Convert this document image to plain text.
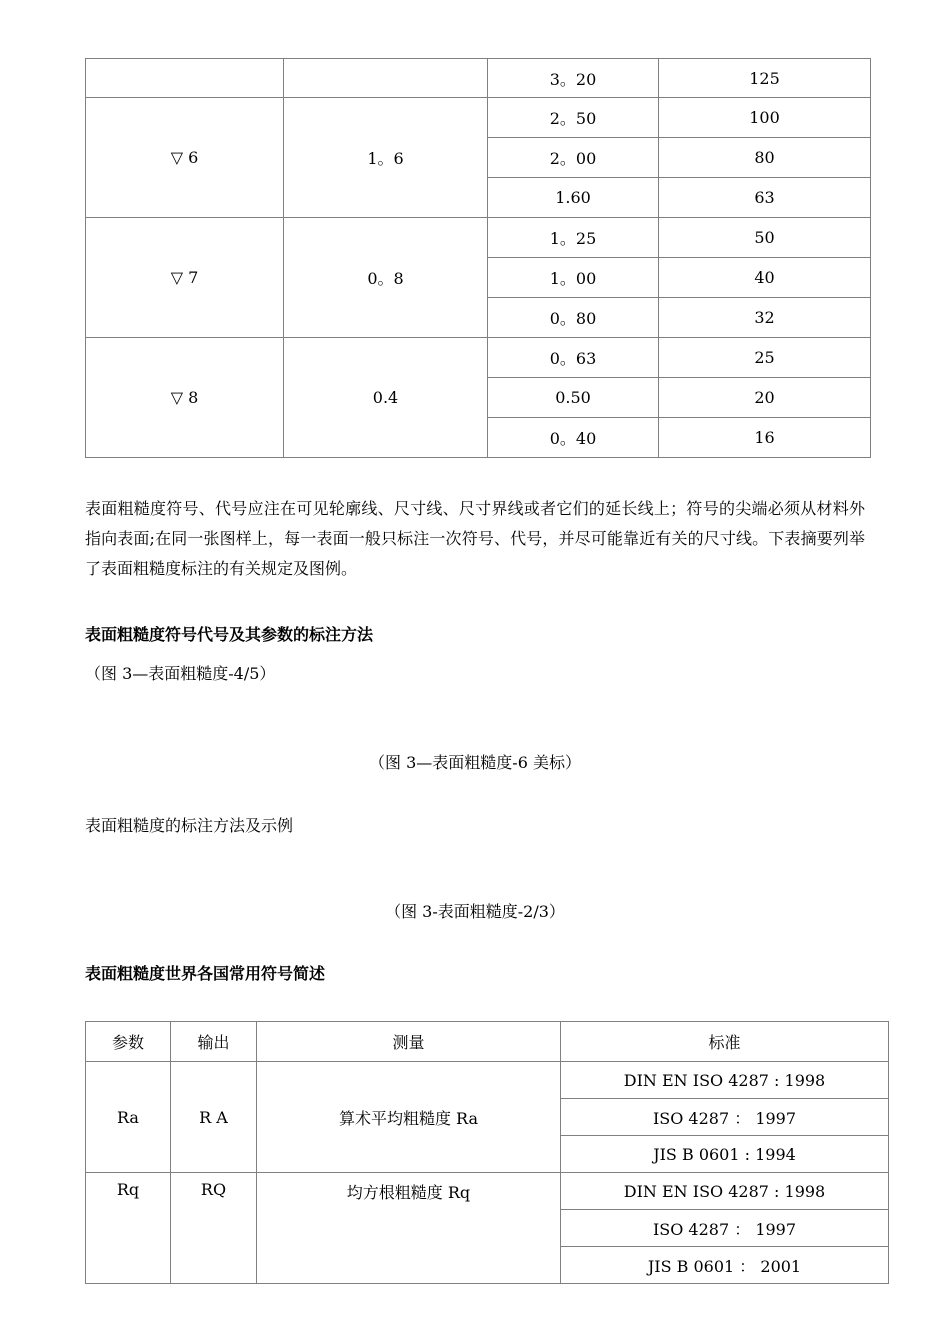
		3。20	125
▽ 6	1。6	2。50	100
		2。00	80
		1.60	63
▽ 7	0。8	1。25	50
		1。00	40
		0。80	32
▽ 8	0.4	0。63	25
		0.50	20
		0。40	16

表面粗糙度符号、代号应注在可见轮廓线、尺寸线、尺寸界线或者它们的延长线上；符号的尖端必须从材料外指向表面;在同一张图样上，每一表面一般只标注一次符号、代号，并尽可能靠近有关的尺寸线。下表摘要列举了表面粗糙度标注的有关规定及图例。

表面粗糙度符号代号及其参数的标注方法
（图 3—表面粗糙度-4/5）
（图 3—表面粗糙度-6 美标）
表面粗糙度的标注方法及示例
（图 3-表面粗糙度-2/3）
表面粗糙度世界各国常用符号简述
参数	输出	测量	标准
Ra	R A	算术平均粗糙度 Ra	DIN EN ISO 4287 : 1998
			ISO 4287 ： 1997
			JIS B 0601 : 1994
Rq	RQ	均方根粗糙度 Rq	DIN EN ISO 4287 : 1998
			ISO 4287 ： 1997
			JIS B 0601 ： 2001
